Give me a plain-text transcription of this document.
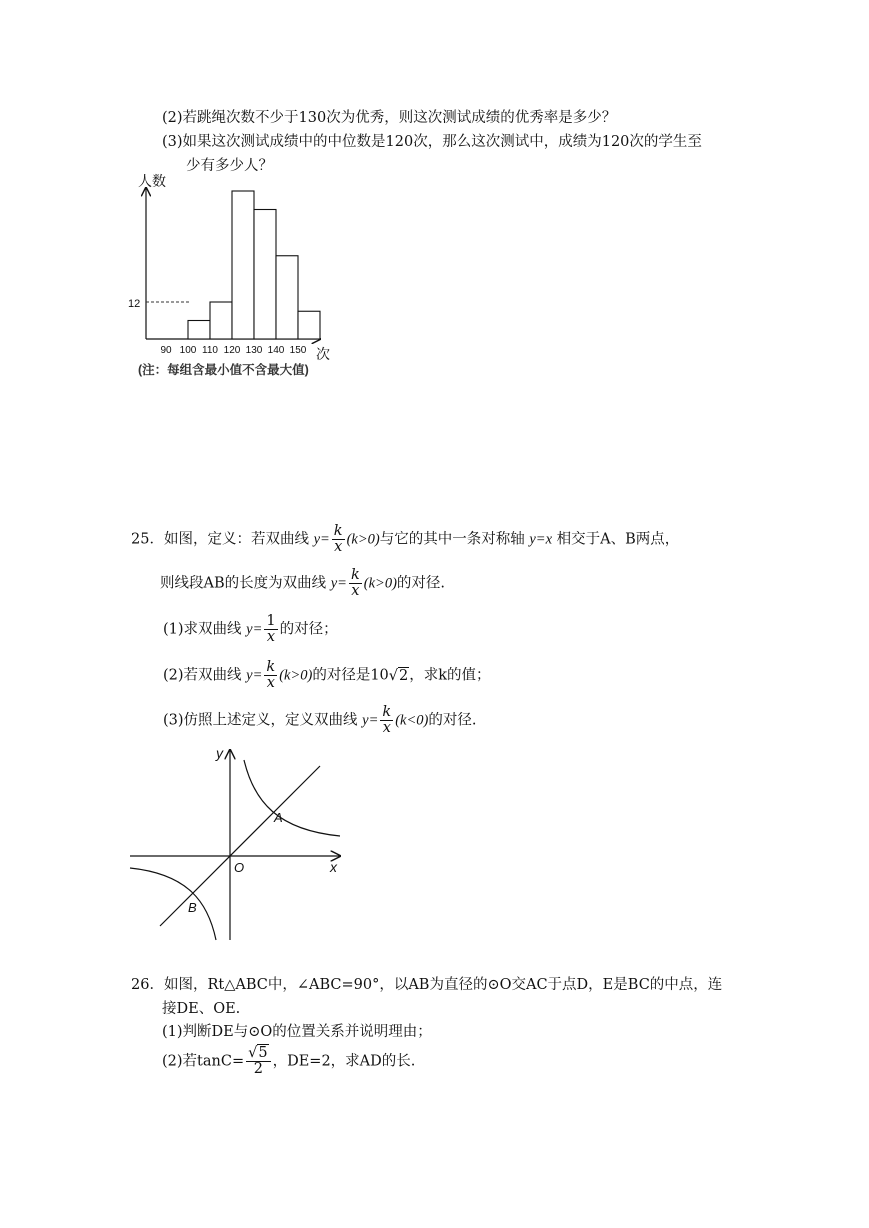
(2)若跳绳次数不少于130次为优秀，则这次测试成绩的优秀率是多少？
(3)如果这次测试成绩中的中位数是120次，那么这次测试中，成绩为120次的学生至
少有多少人？
人数
次
12
90 100 110 120 130 140 150
(注：每组含最小值不含最大值)
25．如图，定义：若双曲线 $y= \frac{k}{x} (k>0)$与它的其中一条对称轴 y=x 相交于A、B两点，
则线段AB的长度为双曲线 $y= \frac{k}{x} (k>0)$的对径.
(1)求双曲线 $y= \frac{1}{x}$ 的对径；
(2)若双曲线 $y= \frac{k}{x} (k>0)$的对径是10√2，求k的值；
(3)仿照上述定义，定义双曲线 $y= \frac{k}{x} (k<0)$的对径.
y
x
O
A
B
26．如图，Rt△ABC中，∠ABC=90°，以AB为直径的⊙O交AC于点D，E是BC的中点，连
接DE、OE.
(1)判断DE与⊙O的位置关系并说明理由；
(2)若$\tan C= \frac{√5}{2}$ ，DE=2，求AD的长.
